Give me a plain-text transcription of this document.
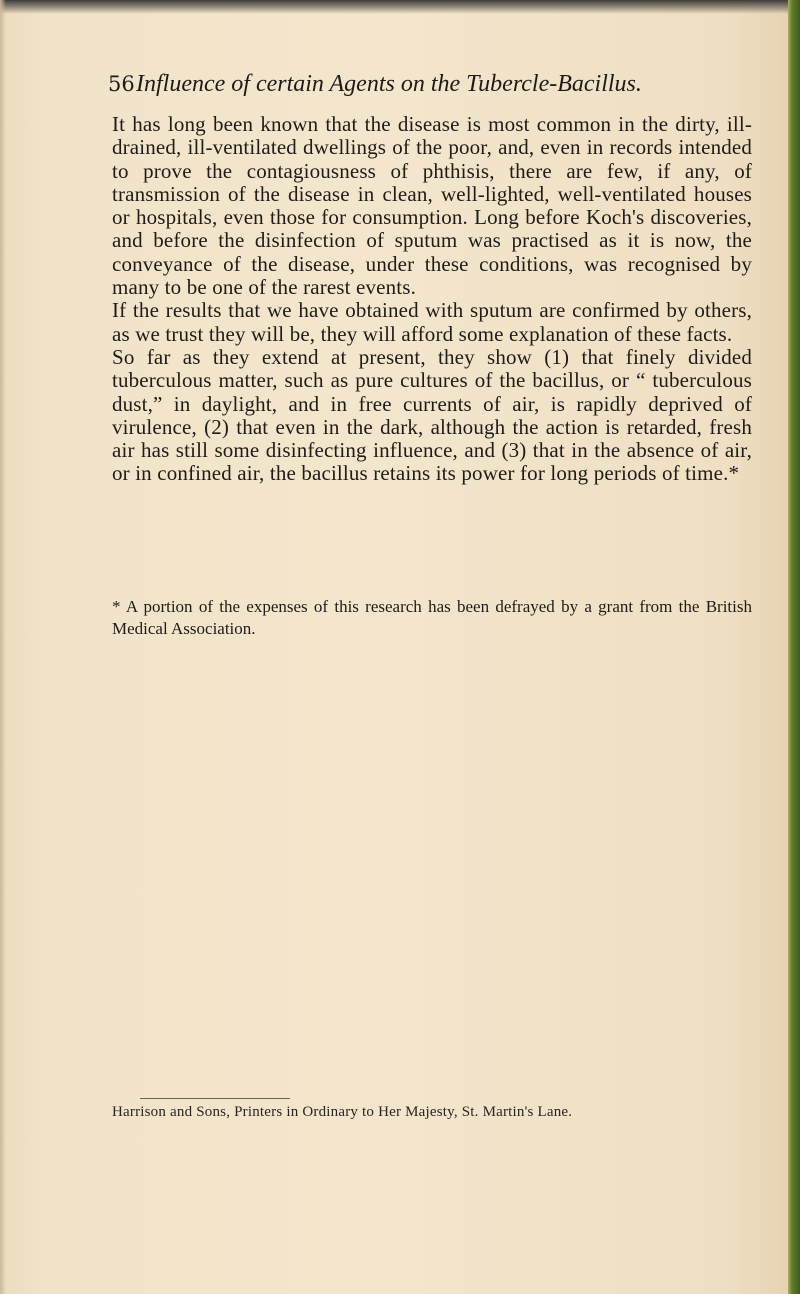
56 Influence of certain Agents on the Tubercle-Bacillus.

It has long been known that the disease is most common in the dirty, ill-drained, ill-ventilated dwellings of the poor, and, even in records intended to prove the contagiousness of phthisis, there are few, if any, of transmission of the disease in clean, well-lighted, well-ventilated houses or hospitals, even those for consumption. Long before Koch's discoveries, and before the disinfection of sputum was practised as it is now, the conveyance of the disease, under these conditions, was recognised by many to be one of the rarest events.

If the results that we have obtained with sputum are confirmed by others, as we trust they will be, they will afford some explanation of these facts.

So far as they extend at present, they show (1) that finely divided tuberculous matter, such as pure cultures of the bacillus, or “ tuberculous dust,” in daylight, and in free currents of air, is rapidly deprived of virulence, (2) that even in the dark, although the action is retarded, fresh air has still some disinfecting influence, and (3) that in the absence of air, or in confined air, the bacillus retains its power for long periods of time.*

* A portion of the expenses of this research has been defrayed by a grant from the British Medical Association.
Harrison and Sons, Printers in Ordinary to Her Majesty, St. Martin's Lane.
